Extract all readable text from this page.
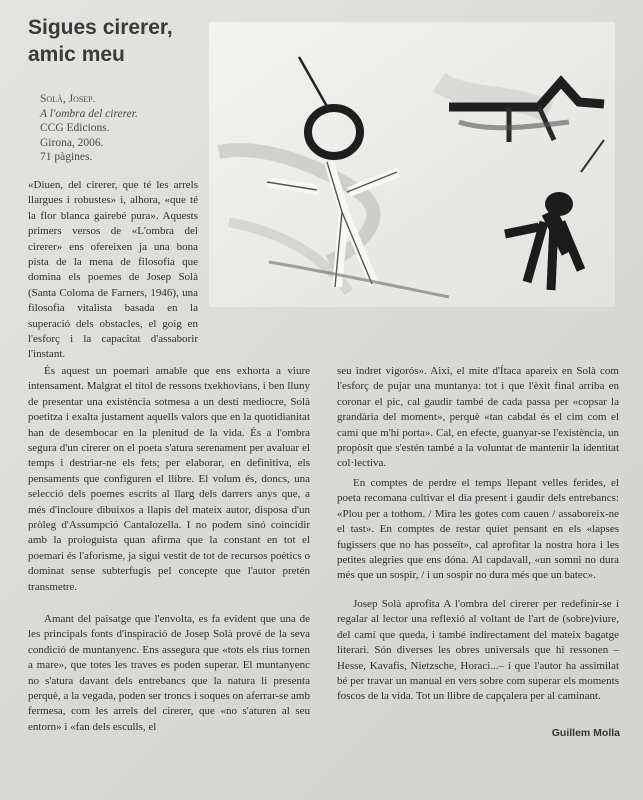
Sigues cirerer,
amic meu
Solà, Josep.
A l'ombra del cirerer.
CCG Edicions.
Girona, 2006.
71 pàgines.

«Diuen, del cirerer, que té les arrels llargues i robustes» i, alhora, «que té la flor blanca gairebé pura». Aquests primers versos de «L'ombra del cirerer» ens ofereixen ja una bona pista de la mena de filosofia que domina els poemes de Josep Solà (Santa Coloma de Farners, 1946), una filosofia vitalista basada en la superació dels obstacles, el goig en l'esforç i la capacitat d'assaborir l'instant.

És aquest un poemari amable que ens exhorta a viure intensament. Malgrat el títol de ressons txekhovians, i ben lluny de presentar una existència sotmesa a un destí mediocre, Solà poetitza i exalta justament aquells valors que en la quotidianitat han de desembocar en la plenitud de la vida. És a l'ombra segura d'un cirerer on el poeta s'atura serenament per avaluar el temps i destriar-ne els fets; per elaborar, en definitiva, els pensaments que configuren el llibre. El volum és, doncs, una selecció dels poemes escrits al llarg dels darrers anys que, a més d'incloure dibuixos a llapis del mateix autor, disposa d'un pròleg d'Assumpció Cantalozella. I no podem sinó coincidir amb la prologuista quan afirma que la constant en tot el poemari és l'aforisme, ja sigui vestit de tot de recursos poètics o dominat sense subterfugis pel concepte que l'autor pretén transmetre.

Amant del paisatge que l'envolta, es fa evident que una de les principals fonts d'inspiració de Josep Solà prové de la seva condició de muntanyenc. Ens assegura que «tots els rius tornen a mare», que totes les traves es poden superar. El muntanyenc no s'atura davant dels entrebancs que la natura li presenta perquè, a la vegada, poden ser troncs i soques on aferrar-se amb fermesa, com les arrels del cirerer, que «no s'aturen al seu entorn» i «fan dels esculls, el

seu indret vigorós». Així, el mite d'Ítaca apareix en Solà com l'esforç de pujar una muntanya: tot i que l'èxit final arriba en coronar el pic, cal gaudir també de cada passa per «copsar la grandària del moment», perquè «tan cabdal és el cim com el camí que m'hi porta». Cal, en efecte, guanyar-se l'existència, un propòsit que s'estén també a la voluntat de mantenir la identitat col·lectiva.

En comptes de perdre el temps llepant velles ferides, el poeta recomana cultivar el dia present i gaudir dels entrebancs: «Plou per a tothom. / Mira les gotes com cauen / assaboreix-ne el tast». En comptes de restar quiet pensant en els «lapses fugissers que no has posseït», cal aprofitar la nostra hora i les petites alegries que ens dóna. Al capdavall, «un somni no dura més que un sospir, / i un sospir no dura més que un batec».

Josep Solà aprofita A l'ombra del cirerer per redefinir-se i regalar al lector una reflexió al voltant de l'art de (sobre)viure, del camí que queda, i també indirectament del mateix bagatge literari. Són diverses les obres universals que hi ressonen –Hesse, Kavafis, Nietzsche, Horaci...– i que l'autor ha assimilat bé per travar un manual en vers sobre com superar els moments foscos de la vida. Tot un llibre de capçalera per al caminant.

Guillem Molla
